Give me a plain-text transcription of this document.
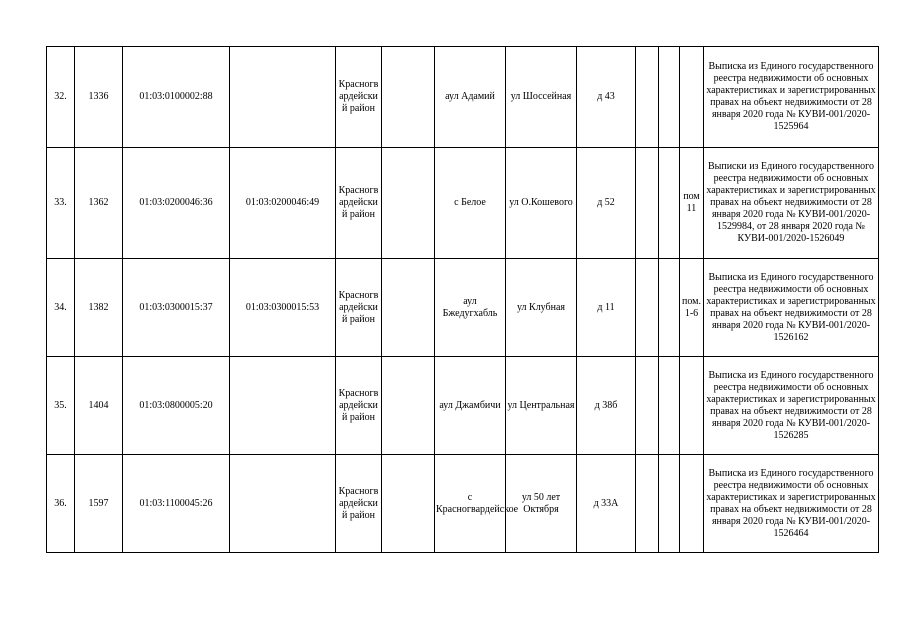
32.	1336	01:03:0100002:88		Красногвардейский район		аул Адамий	ул Шоссейная	д 43				Выписка из Единого государственного реестра недвижимости об основных характеристиках и зарегистрированных правах на объект недвижимости от 28 января 2020 года № КУВИ-001/2020-1525964
33.	1362	01:03:0200046:36	01:03:0200046:49	Красногвардейский район		с Белое	ул О.Кошевого	д 52			пом 11	Выписки из Единого государственного реестра недвижимости об основных характеристиках и зарегистрированных правах на объект недвижимости от 28 января 2020 года № КУВИ-001/2020-1529984, от 28 января 2020 года № КУВИ-001/2020-1526049
34.	1382	01:03:0300015:37	01:03:0300015:53	Красногвардейский район		аул Бжедугхабль	ул Клубная	д 11			пом.1-6	Выписка из Единого государственного реестра недвижимости об основных характеристиках и зарегистрированных правах на объект недвижимости от 28 января 2020 года № КУВИ-001/2020-1526162
35.	1404	01:03:0800005:20		Красногвардейский район		аул Джамбичи	ул Центральная	д 38б				Выписка из Единого государственного реестра недвижимости об основных характеристиках и зарегистрированных правах на объект недвижимости от 28 января 2020 года № КУВИ-001/2020-1526285
36.	1597	01:03:1100045:26		Красногвардейский район		с Красногвардейское	ул 50 лет Октября	д 33А				Выписка из Единого государственного реестра недвижимости об основных характеристиках и зарегистрированных правах на объект недвижимости от 28 января 2020 года № КУВИ-001/2020-1526464
